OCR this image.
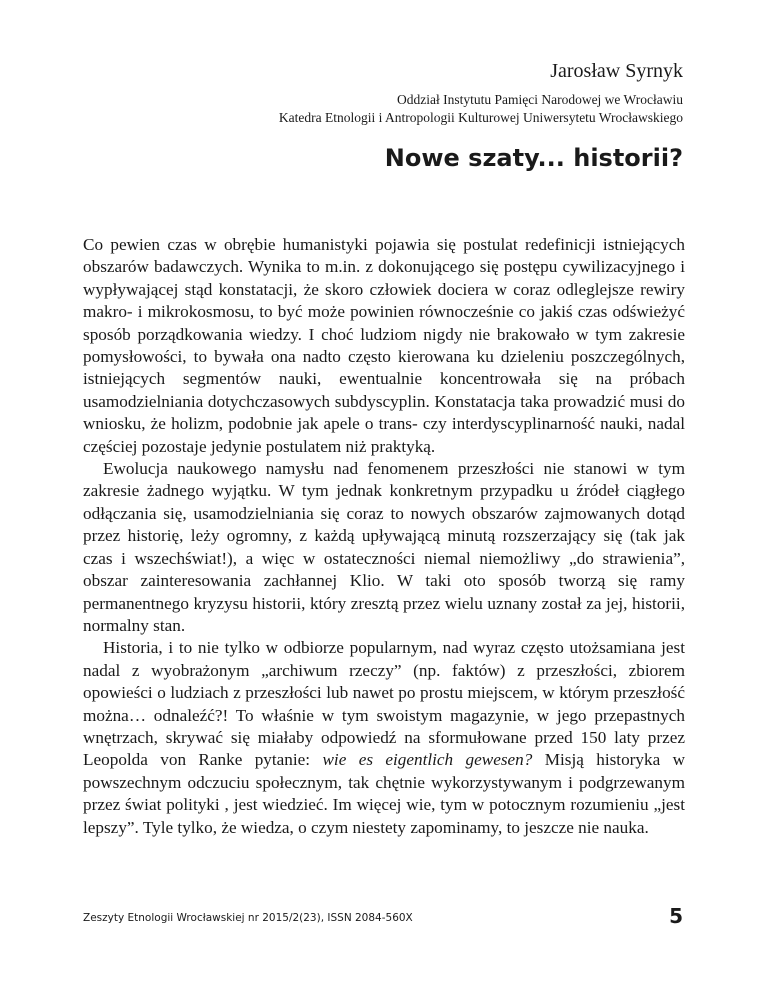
Jarosław Syrnyk
Oddział Instytutu Pamięci Narodowej we Wrocławiu
Katedra Etnologii i Antropologii Kulturowej Uniwersytetu Wrocławskiego
Nowe szaty... historii?

Co pewien czas w obrębie humanistyki pojawia się postulat redefinicji istniejących obszarów badawczych. Wynika to m.in. z dokonującego się postępu cywilizacyjnego i wypływającej stąd konstatacji, że skoro człowiek dociera w coraz odleglejsze rewiry makro- i mikrokosmosu, to być może powinien równocześnie co jakiś czas odświeżyć sposób porządkowania wiedzy. I choć ludziom nigdy nie brakowało w tym zakresie pomysłowości, to bywała ona nadto często kierowana ku dzieleniu poszczególnych, istniejących segmentów nauki, ewentualnie koncentrowała się na próbach usamodzielniania dotychczasowych subdyscyplin. Konstatacja taka prowadzić musi do wniosku, że holizm, podobnie jak apele o trans- czy interdyscyplinarność nauki, nadal częściej pozostaje jedynie postulatem niż praktyką.

Ewolucja naukowego namysłu nad fenomenem przeszłości nie stanowi w tym zakresie żadnego wyjątku. W tym jednak konkretnym przypadku u źródeł ciągłego odłączania się, usamodzielniania się coraz to nowych obszarów zajmowanych dotąd przez historię, leży ogromny, z każdą upływającą minutą rozszerzający się (tak jak czas i wszechświat!), a więc w ostateczności niemal niemożliwy „do strawienia”, obszar zainteresowania zachłannej Klio. W taki oto sposób tworzą się ramy permanentnego kryzysu historii, który zresztą przez wielu uznany został za jej, historii, normalny stan.

Historia, i to nie tylko w odbiorze popularnym, nad wyraz często utożsamiana jest nadal z wyobrażonym „archiwum rzeczy” (np. faktów) z przeszłości, zbiorem opowieści o ludziach z przeszłości lub nawet po prostu miejscem, w którym przeszłość można… odnaleźć?! To właśnie w tym swoistym magazynie, w jego przepastnych wnętrzach, skrywać się miałaby odpowiedź na sformułowane przed 150 laty przez Leopolda von Ranke pytanie: wie es eigentlich gewesen? Misją historyka w powszechnym odczuciu społecznym, tak chętnie wykorzystywanym i podgrzewanym przez świat polityki , jest wiedzieć. Im więcej wie, tym w potocznym rozumieniu „jest lepszy”. Tyle tylko, że wiedza, o czym niestety zapominamy, to jeszcze nie nauka.

Zeszyty Etnologii Wrocławskiej nr 2015/2(23), ISSN 2084-560X	5
